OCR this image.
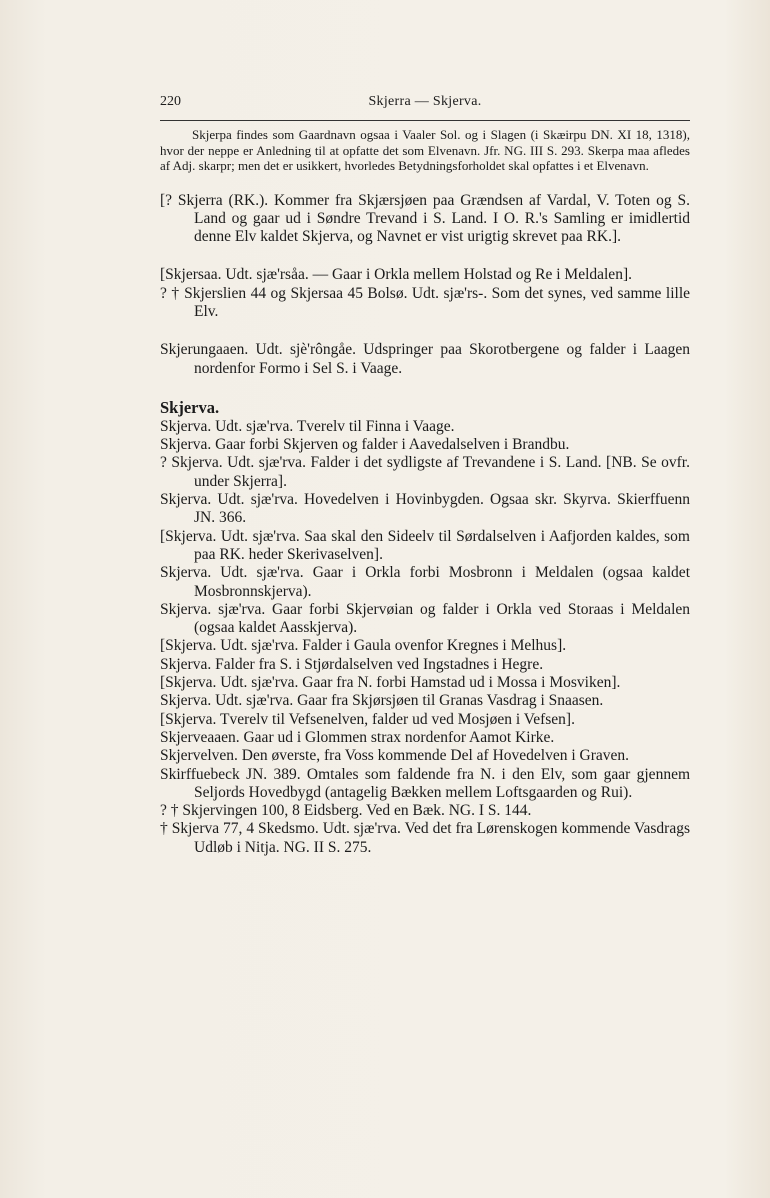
220	Skjerra — Skjerva.

Skjerpa findes som Gaardnavn ogsaa i Vaaler Sol. og i Slagen (i Skæirpu DN. XI 18, 1318), hvor der neppe er Anledning til at opfatte det som Elvenavn. Jfr. NG. III S. 293. Skerpa maa afledes af Adj. skarpr; men det er usikkert, hvorledes Betydningsforholdet skal opfattes i et Elvenavn.

[? Skjerra (RK.). Kommer fra Skjærsjøen paa Grændsen af Vardal, V. Toten og S. Land og gaar ud i Søndre Trevand i S. Land. I O. R.'s Samling er imidlertid denne Elv kaldet Skjerva, og Navnet er vist urigtig skrevet paa RK.].

[Skjersaa. Udt. sjæ'rsåa. — Gaar i Orkla mellem Holstad og Re i Meldalen].

? † Skjerslien 44 og Skjersaa 45 Bolsø. Udt. sjæ'rs-. Som det synes, ved samme lille Elv.

Skjerungaaen. Udt. sjè'rôngåe. Udspringer paa Skorotbergene og falder i Laagen nordenfor Formo i Sel S. i Vaage.

Skjerva.

Skjerva. Udt. sjæ'rva. Tverelv til Finna i Vaage.

Skjerva. Gaar forbi Skjerven og falder i Aavedalselven i Brandbu.

? Skjerva. Udt. sjæ'rva. Falder i det sydligste af Trevandene i S. Land. [NB. Se ovfr. under Skjerra].

Skjerva. Udt. sjæ'rva. Hovedelven i Hovinbygden. Ogsaa skr. Skyrva. Skierffuenn JN. 366.

[Skjerva. Udt. sjæ'rva. Saa skal den Sideelv til Sørdalselven i Aafjorden kaldes, som paa RK. heder Skerivaselven].

Skjerva. Udt. sjæ'rva. Gaar i Orkla forbi Mosbronn i Meldalen (ogsaa kaldet Mosbronnskjerva).

Skjerva. sjæ'rva. Gaar forbi Skjervøian og falder i Orkla ved Storaas i Meldalen (ogsaa kaldet Aasskjerva).

[Skjerva. Udt. sjæ'rva. Falder i Gaula ovenfor Kregnes i Melhus].

Skjerva. Falder fra S. i Stjørdalselven ved Ingstadnes i Hegre.

[Skjerva. Udt. sjæ'rva. Gaar fra N. forbi Hamstad ud i Mossa i Mosviken].

Skjerva. Udt. sjæ'rva. Gaar fra Skjørsjøen til Granas Vasdrag i Snaasen.

[Skjerva. Tverelv til Vefsenelven, falder ud ved Mosjøen i Vefsen].

Skjerveaaen. Gaar ud i Glommen strax nordenfor Aamot Kirke.

Skjervelven. Den øverste, fra Voss kommende Del af Hovedelven i Graven.

Skirffuebeck JN. 389. Omtales som faldende fra N. i den Elv, som gaar gjennem Seljords Hovedbygd (antagelig Bækken mellem Loftsgaarden og Rui).

? † Skjervingen 100, 8 Eidsberg. Ved en Bæk. NG. I S. 144.

† Skjerva 77, 4 Skedsmo. Udt. sjæ'rva. Ved det fra Lørenskogen kommende Vasdrags Udløb i Nitja. NG. II S. 275.
